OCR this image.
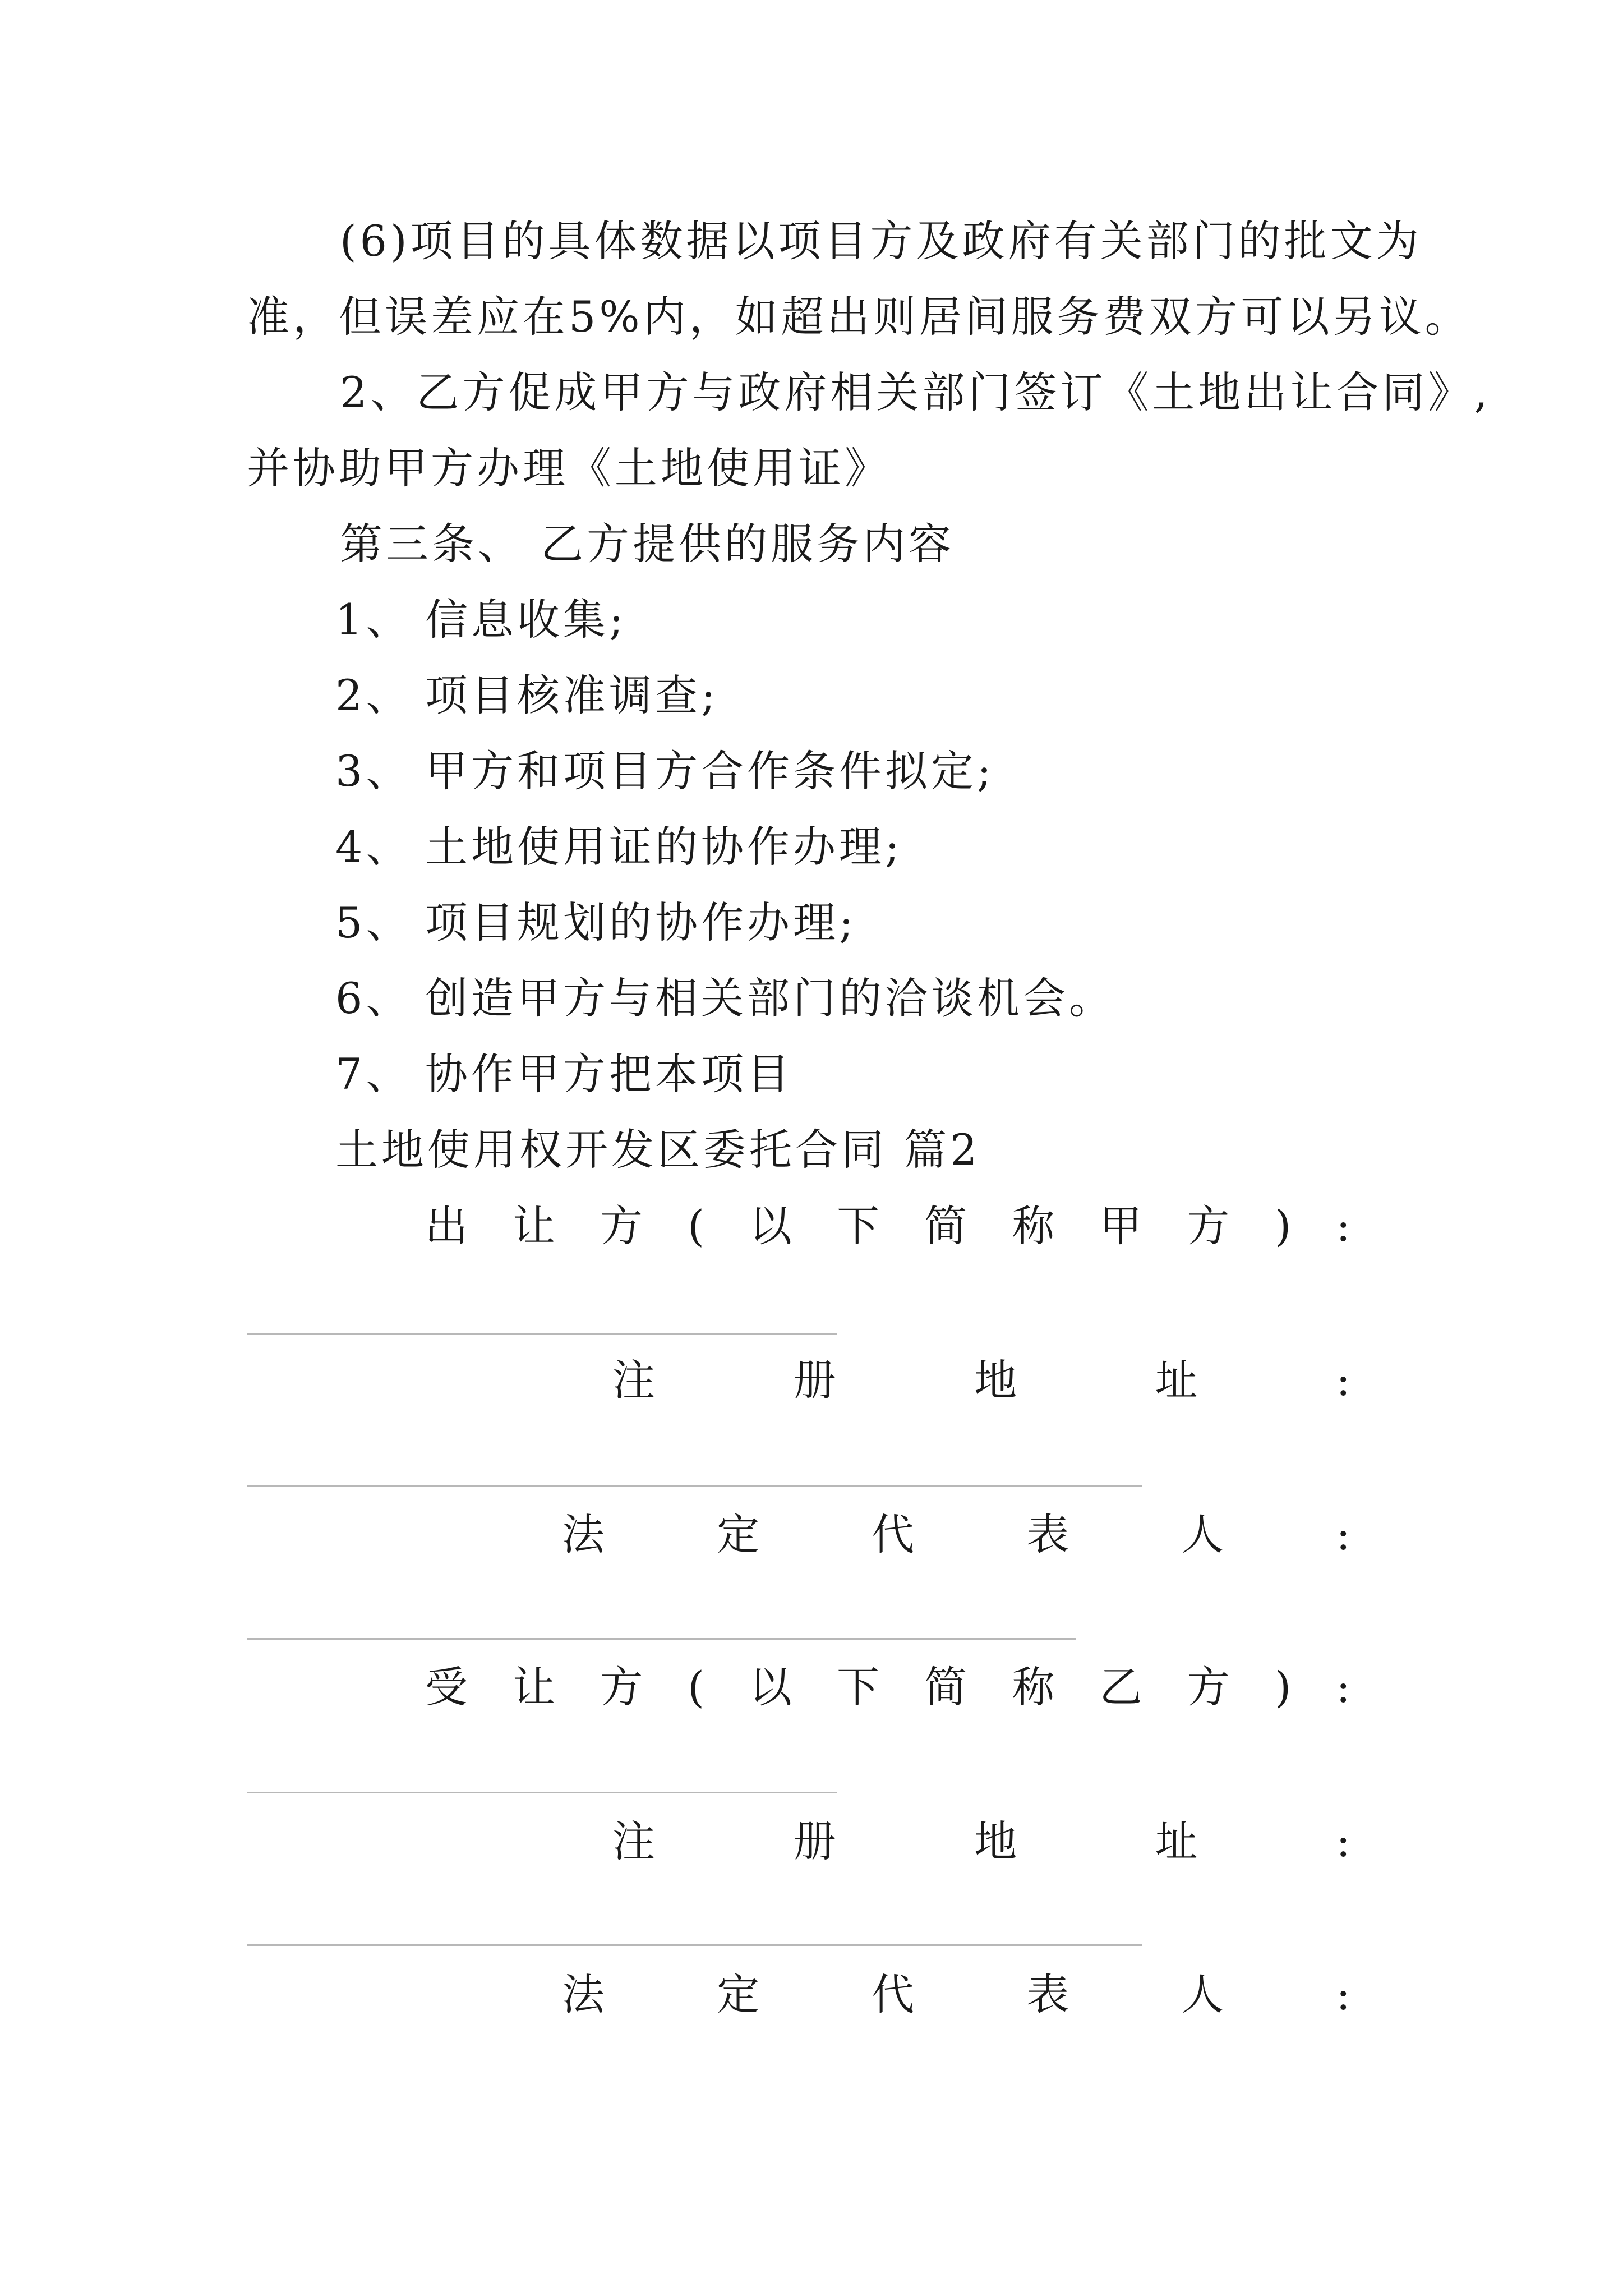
(6)项目的具体数据以项目方及政府有关部门的批文为
准，但误差应在5%内，如超出则居间服务费双方可以另议。
2、乙方促成甲方与政府相关部门签订《土地出让合同》,
并协助甲方办理《土地使用证》
第三条、 乙方提供的服务内容
1、 信息收集;
2、 项目核准调查;
3、 甲方和项目方合作条件拟定;
4、 土地使用证的协作办理;
5、 项目规划的协作办理;
6、 创造甲方与相关部门的洽谈机会。
7、 协作甲方把本项目
土地使用权开发区委托合同 篇2
出 让 方 ( 以 下 简 称 甲 方 ) :
注	册	地	址	:
法	定	代	表	人	:
受 让 方 ( 以 下 简 称 乙 方 ) :
注	册	地	址	:
法	定	代	表	人	:
